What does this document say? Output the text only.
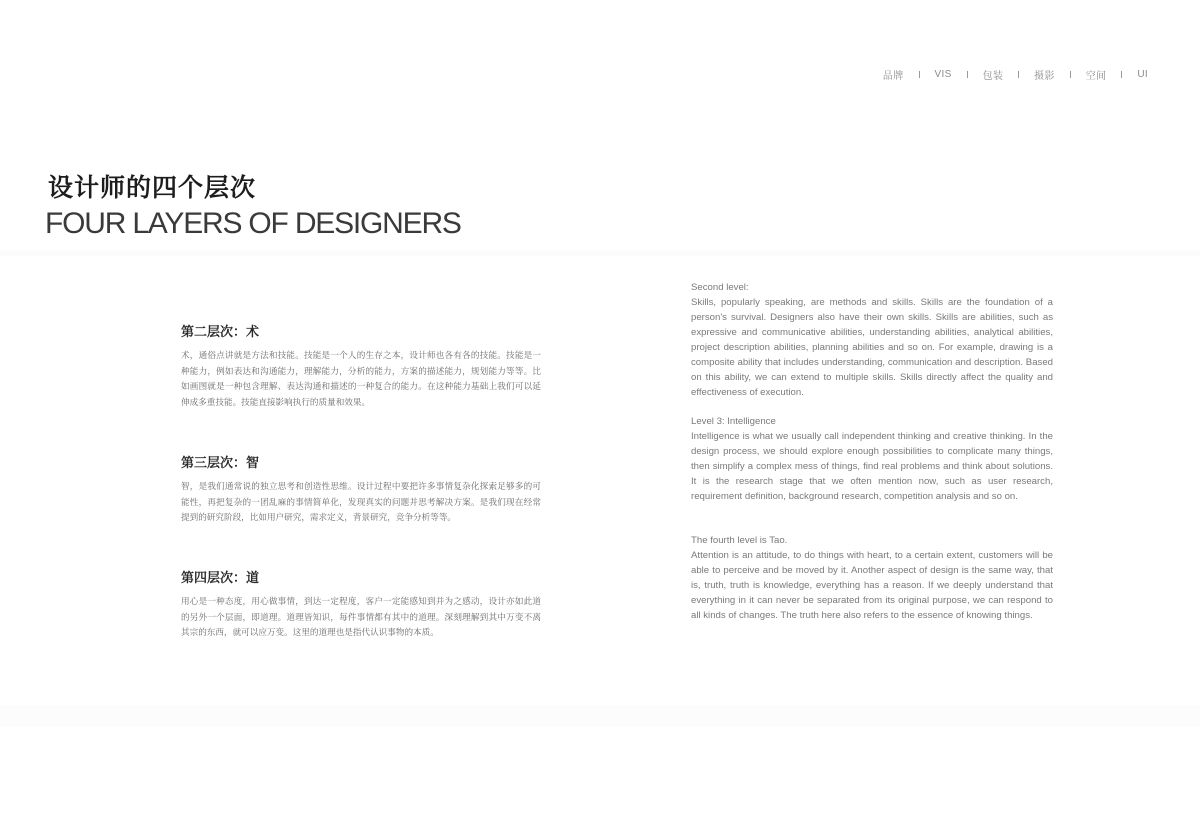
品牌	VIS	包装	摄影	空间	UI
设计师的四个层次
FOUR LAYERS OF DESIGNERS
第二层次：术

术，通俗点讲就是方法和技能。技能是一个人的生存之本，设计师也各有各的技能。技能是一种能力，例如表达和沟通能力，理解能力，分析的能力，方案的描述能力，规划能力等等。比如画图就是一种包含理解、表达沟通和描述的一种复合的能力。在这种能力基础上我们可以延伸成多重技能。技能直接影响执行的质量和效果。

第三层次：智

智，是我们通常说的独立思考和创造性思维。设计过程中要把许多事情复杂化探索足够多的可能性，再把复杂的一团乱麻的事情简单化，发现真实的问题并思考解决方案。是我们现在经常提到的研究阶段，比如用户研究，需求定义，背景研究，竞争分析等等。

第四层次：道

用心是一种态度，用心做事情，到达一定程度，客户一定能感知到并为之感动，设计亦如此道的另外一个层面，即道理。道理皆知识，每件事情都有其中的道理。深刻理解到其中万变不离其宗的东西，就可以应万变。这里的道理也是指代认识事物的本质。

Second level:

Skills, popularly speaking, are methods and skills. Skills are the foundation of a person's survival. Designers also have their own skills. Skills are abilities, such as expressive and communicative abilities, understanding abilities, analytical abilities, project description abilities, planning abilities and so on. For example, drawing is a composite ability that includes understanding, communication and description. Based on this ability, we can extend to multiple skills. Skills directly affect the quality and effectiveness of execution.

Level 3: Intelligence

Intelligence is what we usually call independent thinking and creative thinking. In the design process, we should explore enough possibilities to complicate many things, then simplify a complex mess of things, find real problems and think about solutions. It is the research stage that we often mention now, such as user research, requirement definition, background research, competition analysis and so on.

The fourth level is Tao.

Attention is an attitude, to do things with heart, to a certain extent, customers will be able to perceive and be moved by it. Another aspect of design is the same way, that is, truth, truth is knowledge, everything has a reason. If we deeply understand that everything in it can never be separated from its original purpose, we can respond to all kinds of changes. The truth here also refers to the essence of knowing things.
